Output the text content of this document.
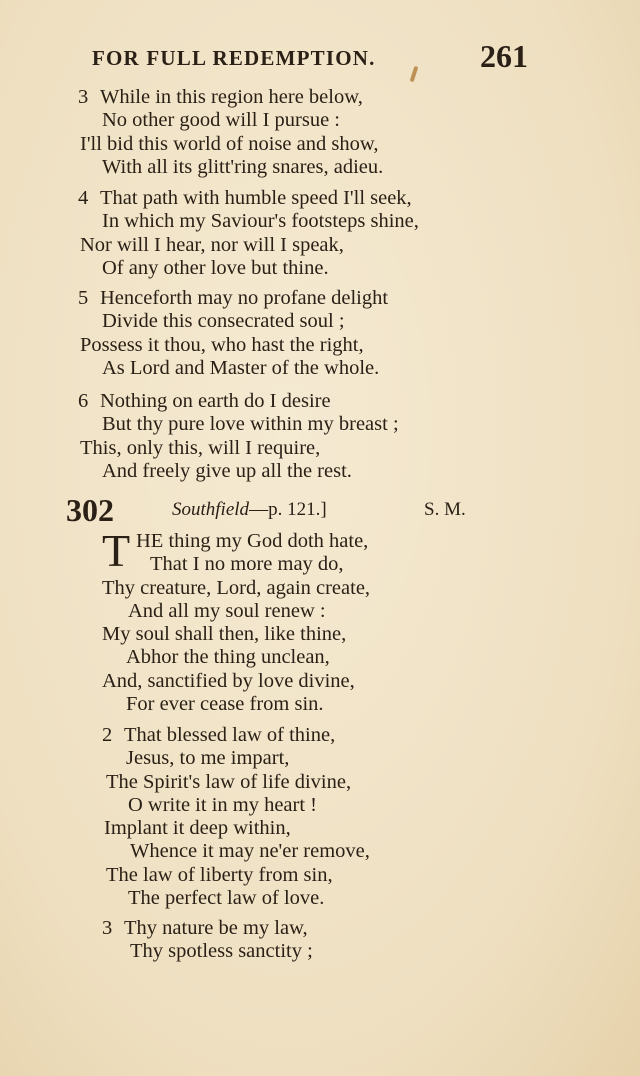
FOR FULL REDEMPTION.	261
3 While in this region here below,
No other good will I pursue :
I'll bid this world of noise and show,
With all its glitt'ring snares, adieu.
4 That path with humble speed I'll seek,
In which my Saviour's footsteps shine,
Nor will I hear, nor will I speak,
Of any other love but thine.
5 Henceforth may no profane delight
Divide this consecrated soul ;
Possess it thou, who hast the right,
As Lord and Master of the whole.
6 Nothing on earth do I desire
But thy pure love within my breast ;
This, only this, will I require,
And freely give up all the rest.
302	Southfield—p. 121.]	S. M.
T HE thing my God doth hate,
That I no more may do,
Thy creature, Lord, again create,
And all my soul renew :
My soul shall then, like thine,
Abhor the thing unclean,
And, sanctified by love divine,
For ever cease from sin.
2 That blessed law of thine,
Jesus, to me impart,
The Spirit's law of life divine,
O write it in my heart !
Implant it deep within,
Whence it may ne'er remove,
The law of liberty from sin,
The perfect law of love.
3 Thy nature be my law,
Thy spotless sanctity ;
